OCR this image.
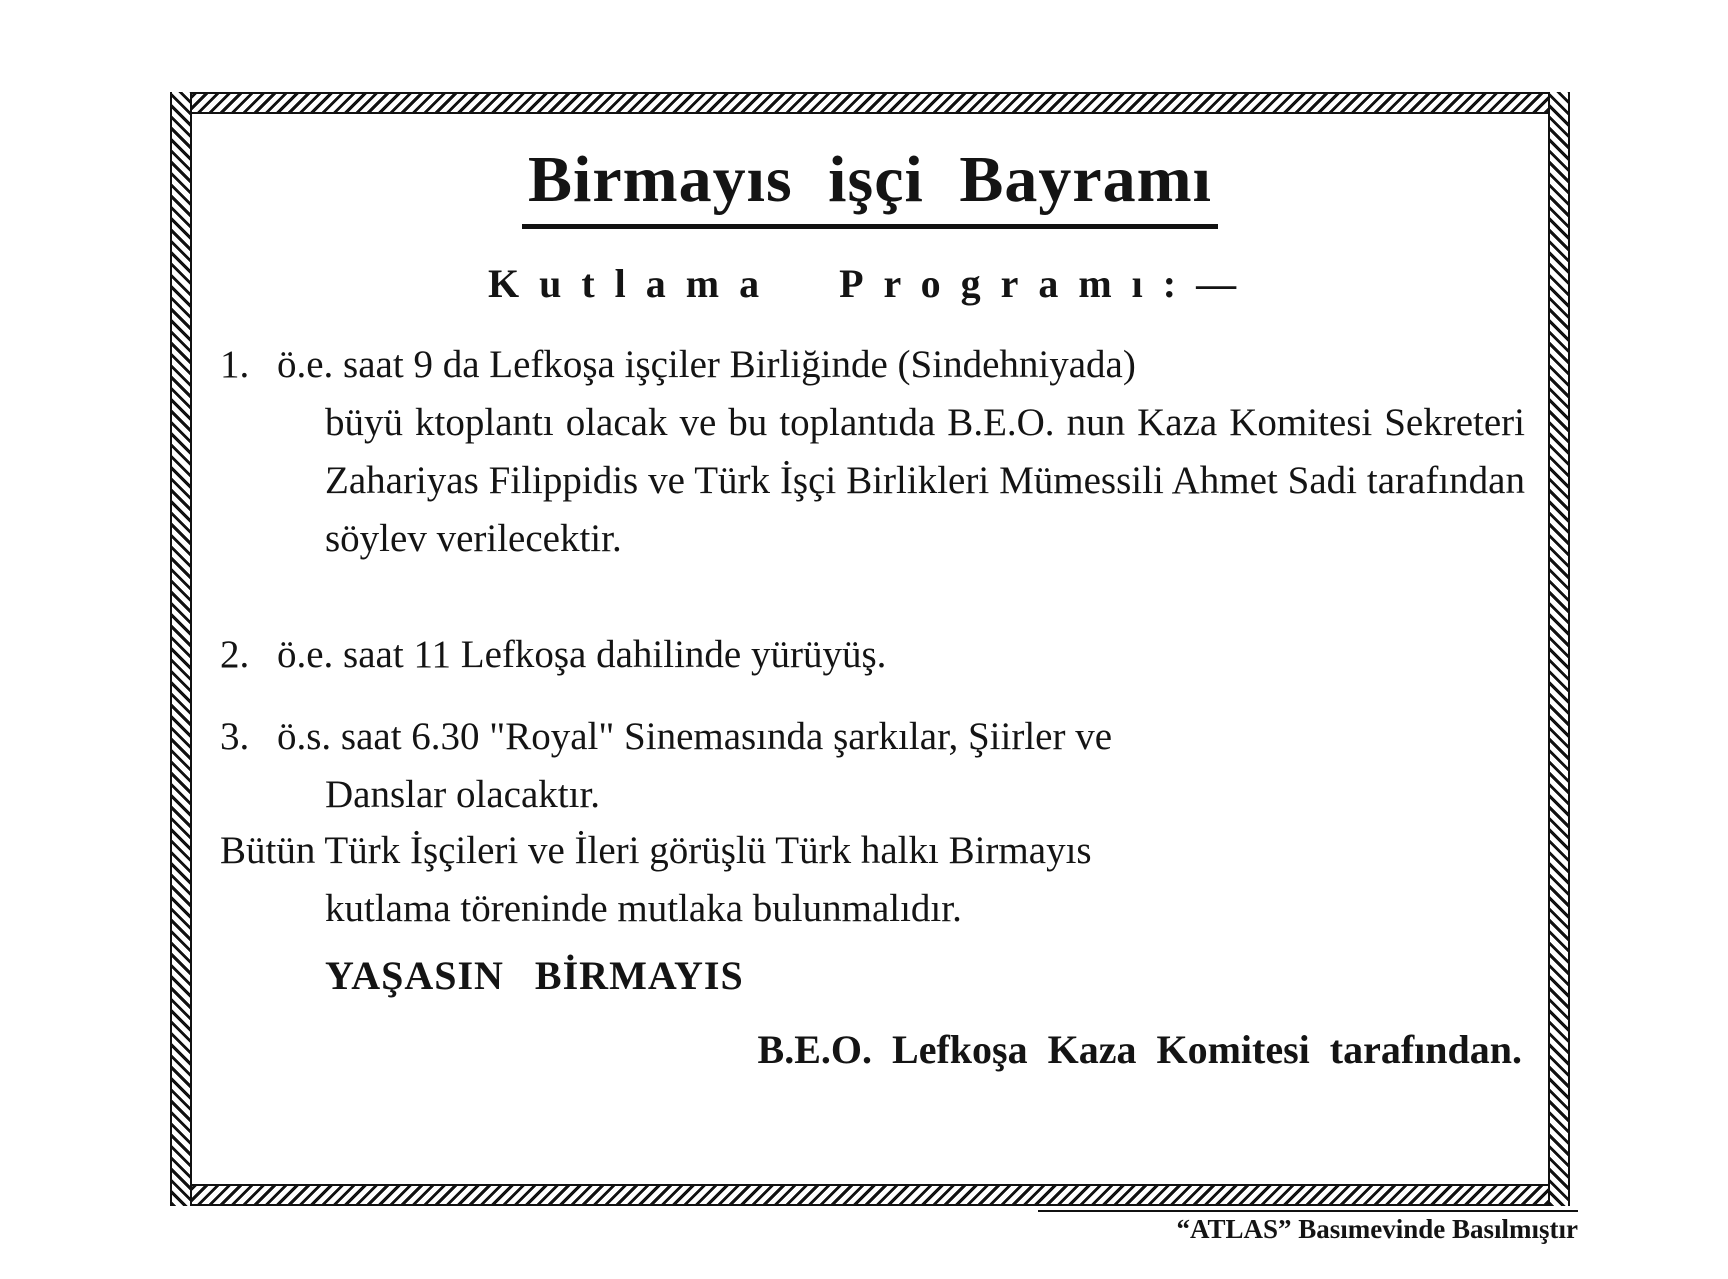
Birmayıs işçi Bayramı
Kutlama Programı:—
1. ö.e. saat 9 da Lefkoşa işçiler Birliğinde (Sindehniyada)
büyü ktoplantı olacak ve bu toplantıda B.E.O. nun Kaza Komitesi Sekreteri Zahariyas Filippidis ve Türk İşçi Birlikleri Mümessili Ahmet Sadi tarafından söylev verilecektir.
2. ö.e. saat 11 Lefkoşa dahilinde yürüyüş.
3. ö.s. saat 6.30 "Royal" Sinemasında şarkılar, Şiirler ve
Danslar olacaktır.
Bütün Türk İşçileri ve İleri görüşlü Türk halkı Birmayıs
kutlama töreninde mutlaka bulunmalıdır.
YAŞASIN BİRMAYIS
B.E.O. Lefkoşa Kaza Komitesi tarafından.
“ATLAS” Basımevinde Basılmıştır
